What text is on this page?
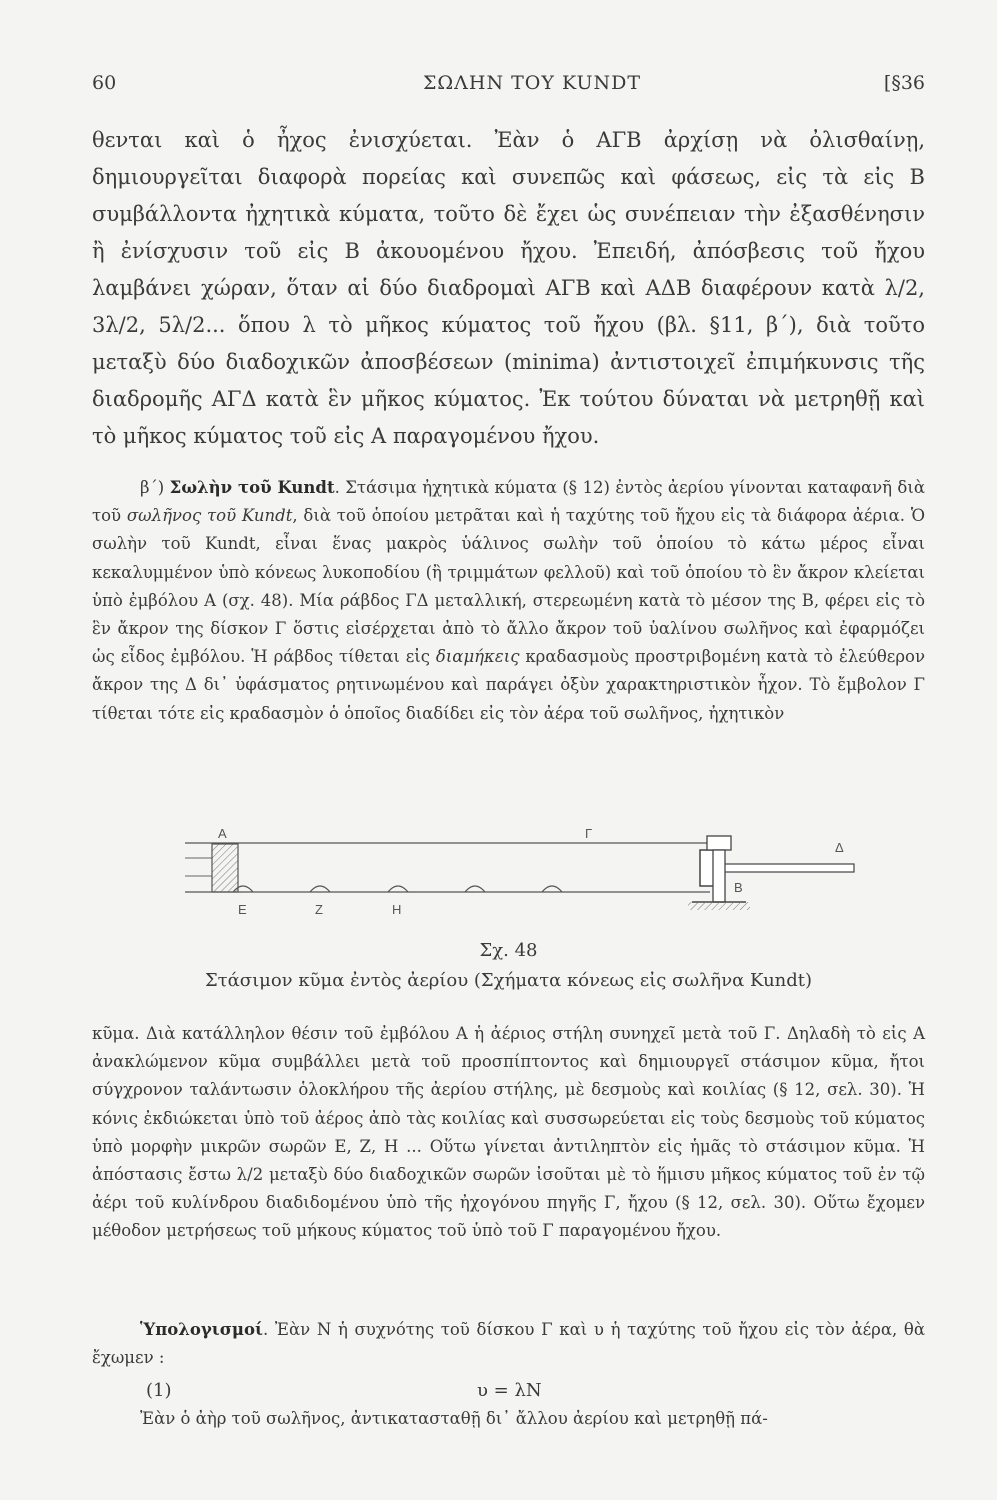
60	ΣΩΛΗΝ ΤΟΥ KUNDT	[§36

θενται καὶ ὁ ἦχος ἐνισχύεται. Ἐὰν ὁ ΑΓΒ ἀρχίσῃ νὰ ὀλισθαίνῃ, δημιουργεῖται διαφορὰ πορείας καὶ συνεπῶς καὶ φάσεως, εἰς τὰ εἰς Β συμβάλλοντα ἠχητικὰ κύματα, τοῦτο δὲ ἔχει ὡς συνέπειαν τὴν ἐξασθένησιν ἢ ἐνίσχυσιν τοῦ εἰς Β ἀκουομένου ἤχου. Ἐπειδή, ἀπόσβεσις τοῦ ἤχου λαμβάνει χώραν, ὅταν αἱ δύο διαδρομαὶ ΑΓΒ καὶ ΑΔΒ διαφέρουν κατὰ λ/2, 3λ/2, 5λ/2... ὅπου λ τὸ μῆκος κύματος τοῦ ἤχου (βλ. §11, β΄), διὰ τοῦτο μεταξὺ δύο διαδοχικῶν ἀποσβέσεων (minima) ἀντιστοιχεῖ ἐπιμήκυνσις τῆς διαδρομῆς ΑΓΔ κατὰ ἓν μῆκος κύματος. Ἐκ τούτου δύναται νὰ μετρηθῇ καὶ τὸ μῆκος κύματος τοῦ εἰς Α παραγομένου ἤχου.

β΄) Σωλὴν τοῦ Kundt. Στάσιμα ἠχητικὰ κύματα (§ 12) ἐντὸς ἀερίου γίνονται καταφανῆ διὰ τοῦ σωλῆνος τοῦ Kundt, διὰ τοῦ ὁποίου μετρᾶται καὶ ἡ ταχύτης τοῦ ἤχου εἰς τὰ διάφορα ἀέρια. Ὁ σωλὴν τοῦ Kundt, εἶναι ἕνας μακρὸς ὑάλινος σωλὴν τοῦ ὁποίου τὸ κάτω μέρος εἶναι κεκαλυμμένον ὑπὸ κόνεως λυκοποδίου (ἢ τριμμάτων φελλοῦ) καὶ τοῦ ὁποίου τὸ ἓν ἄκρον κλείεται ὑπὸ ἐμβόλου Α (σχ. 48). Μία ράβδος ΓΔ μεταλλική, στερεωμένη κατὰ τὸ μέσον της Β, φέρει εἰς τὸ ἓν ἄκρον της δίσκον Γ ὅστις εἰσέρχεται ἀπὸ τὸ ἄλλο ἄκρον τοῦ ὑαλίνου σωλῆνος καὶ ἐφαρμόζει ὡς εἶδος ἐμβόλου. Ἡ ράβδος τίθεται εἰς διαμήκεις κραδασμοὺς προστριβομένη κατὰ τὸ ἐλεύθερον ἄκρον της Δ δι᾽ ὑφάσματος ρητινωμένου καὶ παράγει ὀξὺν χαρακτηριστικὸν ἦχον. Τὸ ἔμβολον Γ τίθεται τότε εἰς κραδασμὸν ὁ ὁποῖος διαδίδει εἰς τὸν ἀέρα τοῦ σωλῆνος, ἠχητικὸν

A	Γ
Δ
B
Ε	Z	H

Σχ. 48

Στάσιμον κῦμα ἐντὸς ἀερίου (Σχήματα κόνεως εἰς σωλῆνα Kundt)

κῦμα. Διὰ κατάλληλον θέσιν τοῦ ἐμβόλου Α ἡ ἀέριος στήλη συνηχεῖ μετὰ τοῦ Γ. Δηλαδὴ τὸ εἰς Α ἀνακλώμενον κῦμα συμβάλλει μετὰ τοῦ προσπίπτοντος καὶ δημιουργεῖ στάσιμον κῦμα, ἤτοι σύγχρονον ταλάντωσιν ὁλοκλήρου τῆς ἀερίου στήλης, μὲ δεσμοὺς καὶ κοιλίας (§ 12, σελ. 30). Ἡ κόνις ἐκδιώκεται ὑπὸ τοῦ ἀέρος ἀπὸ τὰς κοιλίας καὶ συσσωρεύεται εἰς τοὺς δεσμοὺς τοῦ κύματος ὑπὸ μορφὴν μικρῶν σωρῶν Ε, Ζ, Η ... Οὕτω γίνεται ἀντιληπτὸν εἰς ἡμᾶς τὸ στάσιμον κῦμα. Ἡ ἀπόστασις ἔστω λ/2 μεταξὺ δύο διαδοχικῶν σωρῶν ἰσοῦται μὲ τὸ ἥμισυ μῆκος κύματος τοῦ ἐν τῷ ἀέρι τοῦ κυλίνδρου διαδιδομένου ὑπὸ τῆς ἠχογόνου πηγῆς Γ, ἤχου (§ 12, σελ. 30). Οὕτω ἔχομεν μέθοδον μετρήσεως τοῦ μήκους κύματος τοῦ ὑπὸ τοῦ Γ παραγομένου ἤχου.

Ὑπολογισμοί. Ἐὰν Ν ἡ συχνότης τοῦ δίσκου Γ καὶ υ ἡ ταχύτης τοῦ ἤχου εἰς τὸν ἀέρα, θὰ ἔχωμεν :

(1)	υ = λN

Ἐὰν ὁ ἀὴρ τοῦ σωλῆνος, ἀντικατασταθῇ δι᾽ ἄλλου ἀερίου καὶ μετρηθῇ πά-
